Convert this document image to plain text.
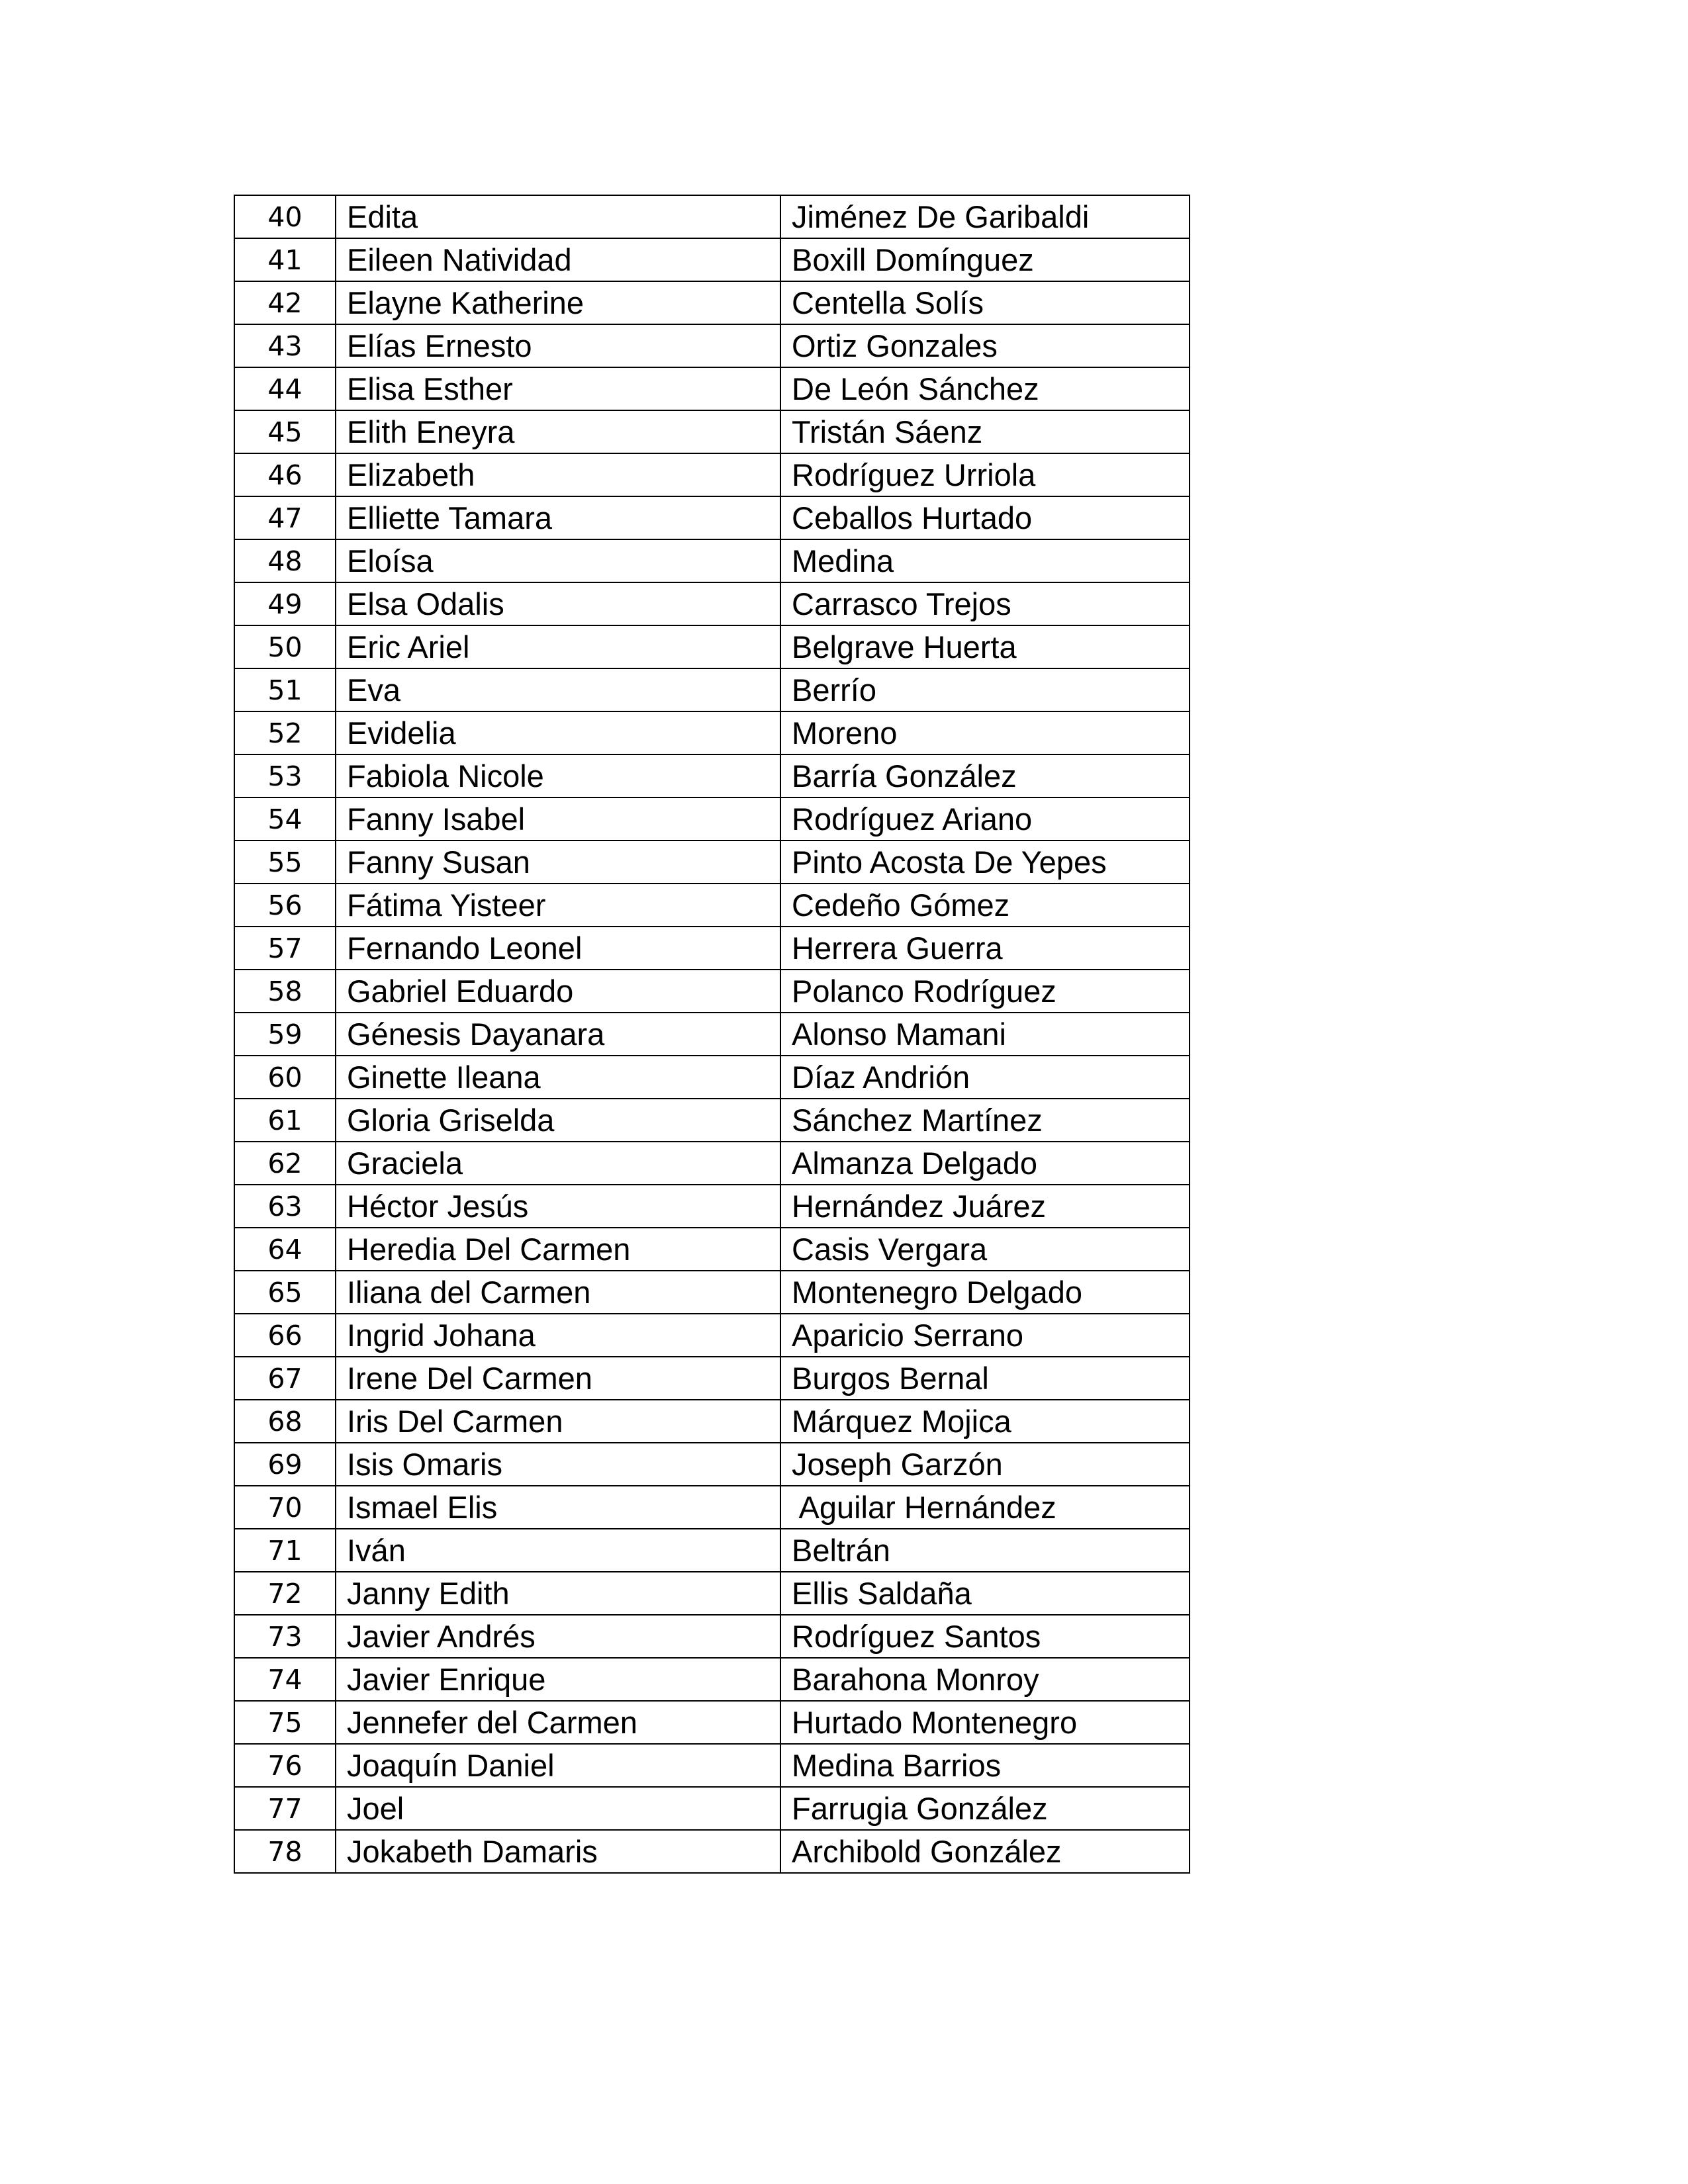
40	Edita	Jiménez De Garibaldi
41	Eileen Natividad	Boxill Domínguez
42	Elayne Katherine	Centella Solís
43	Elías Ernesto	Ortiz Gonzales
44	Elisa Esther	De León Sánchez
45	Elith Eneyra	Tristán Sáenz
46	Elizabeth	Rodríguez Urriola
47	Elliette Tamara	Ceballos Hurtado
48	Eloísa	Medina
49	Elsa Odalis	Carrasco Trejos
50	Eric Ariel	Belgrave Huerta
51	Eva	Berrío
52	Evidelia	Moreno
53	Fabiola Nicole	Barría González
54	Fanny Isabel	Rodríguez Ariano
55	Fanny Susan	Pinto Acosta De Yepes
56	Fátima Yisteer	Cedeño Gómez
57	Fernando Leonel	Herrera Guerra
58	Gabriel Eduardo	Polanco Rodríguez
59	Génesis Dayanara	Alonso Mamani
60	Ginette Ileana	Díaz Andrión
61	Gloria Griselda	Sánchez Martínez
62	Graciela	Almanza Delgado
63	Héctor Jesús	Hernández Juárez
64	Heredia Del Carmen	Casis Vergara
65	Iliana del Carmen	Montenegro Delgado
66	Ingrid Johana	Aparicio Serrano
67	Irene Del Carmen	Burgos Bernal
68	Iris Del Carmen	Márquez Mojica
69	Isis Omaris	Joseph Garzón
70	Ismael Elis	Aguilar Hernández
71	Iván	Beltrán
72	Janny Edith	Ellis Saldaña
73	Javier Andrés	Rodríguez Santos
74	Javier Enrique	Barahona Monroy
75	Jennefer del Carmen	Hurtado Montenegro
76	Joaquín Daniel	Medina Barrios
77	Joel	Farrugia González
78	Jokabeth Damaris	Archibold González
